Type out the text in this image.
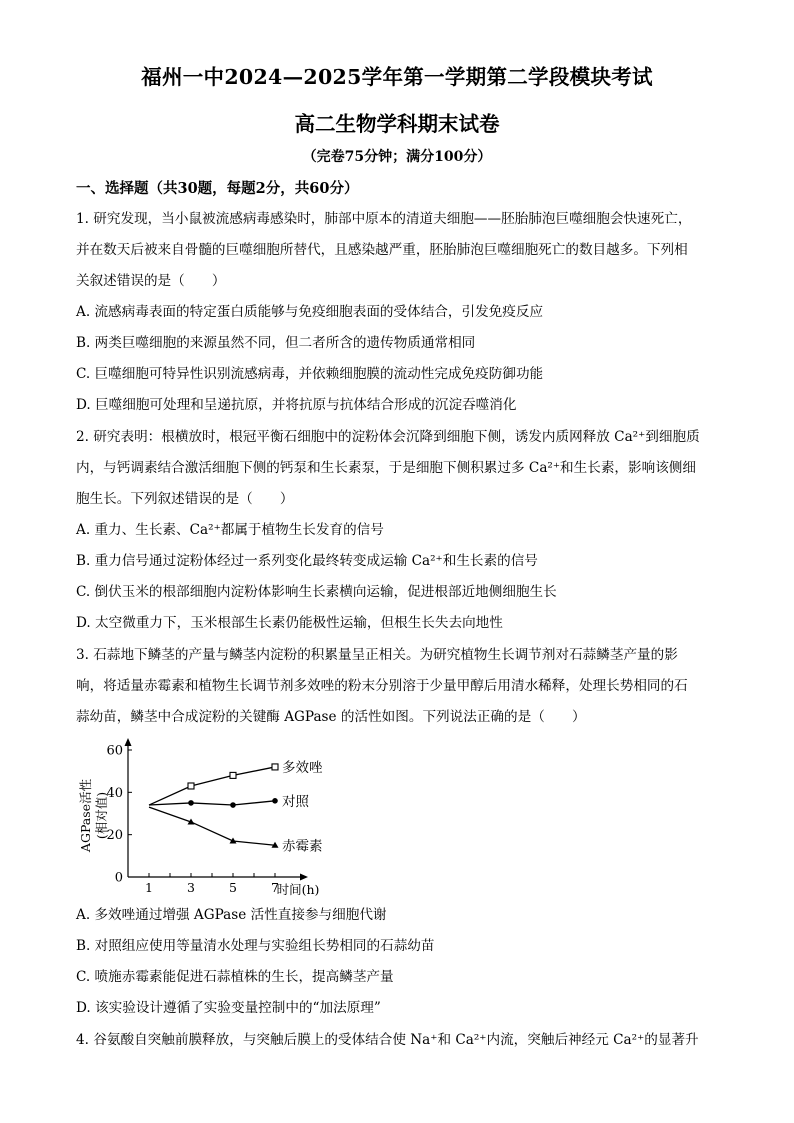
福州一中2024—2025学年第一学期第二学段模块考试
高二生物学科期末试卷
（完卷75分钟；满分100分）
一、选择题（共30题，每题2分，共60分）
1. 研究发现，当小鼠被流感病毒感染时，肺部中原本的清道夫细胞——胚胎肺泡巨噬细胞会快速死亡，
并在数天后被来自骨髓的巨噬细胞所替代，且感染越严重，胚胎肺泡巨噬细胞死亡的数目越多。下列相
关叙述错误的是（　　）
A. 流感病毒表面的特定蛋白质能够与免疫细胞表面的受体结合，引发免疫反应
B. 两类巨噬细胞的来源虽然不同，但二者所含的遗传物质通常相同
C. 巨噬细胞可特异性识别流感病毒，并依赖细胞膜的流动性完成免疫防御功能
D. 巨噬细胞可处理和呈递抗原，并将抗原与抗体结合形成的沉淀吞噬消化
2. 研究表明：根横放时，根冠平衡石细胞中的淀粉体会沉降到细胞下侧，诱发内质网释放 Ca²⁺到细胞质
内，与钙调素结合激活细胞下侧的钙泵和生长素泵，于是细胞下侧积累过多 Ca²⁺和生长素，影响该侧细
胞生长。下列叙述错误的是（　　）
A. 重力、生长素、Ca²⁺都属于植物生长发育的信号
B. 重力信号通过淀粉体经过一系列变化最终转变成运输 Ca²⁺和生长素的信号
C. 倒伏玉米的根部细胞内淀粉体影响生长素横向运输，促进根部近地侧细胞生长
D. 太空微重力下，玉米根部生长素仍能极性运输，但根生长失去向地性
3. 石蒜地下鳞茎的产量与鳞茎内淀粉的积累量呈正相关。为研究植物生长调节剂对石蒜鳞茎产量的影
响，将适量赤霉素和植物生长调节剂多效唑的粉末分别溶于少量甲醇后用清水稀释，处理长势相同的石
蒜幼苗，鳞茎中合成淀粉的关键酶 AGPase 的活性如图。下列说法正确的是（　　）
0
20
40
60
1	3	5	7
时间(h)
AGPase活性 (相对值)
多效唑
对照
赤霉素
A. 多效唑通过增强 AGPase 活性直接参与细胞代谢
B. 对照组应使用等量清水处理与实验组长势相同的石蒜幼苗
C. 喷施赤霉素能促进石蒜植株的生长，提高鳞茎产量
D. 该实验设计遵循了实验变量控制中的“加法原理”
4. 谷氨酸自突触前膜释放，与突触后膜上的受体结合使 Na⁺和 Ca²⁺内流，突触后神经元 Ca²⁺的显著升
